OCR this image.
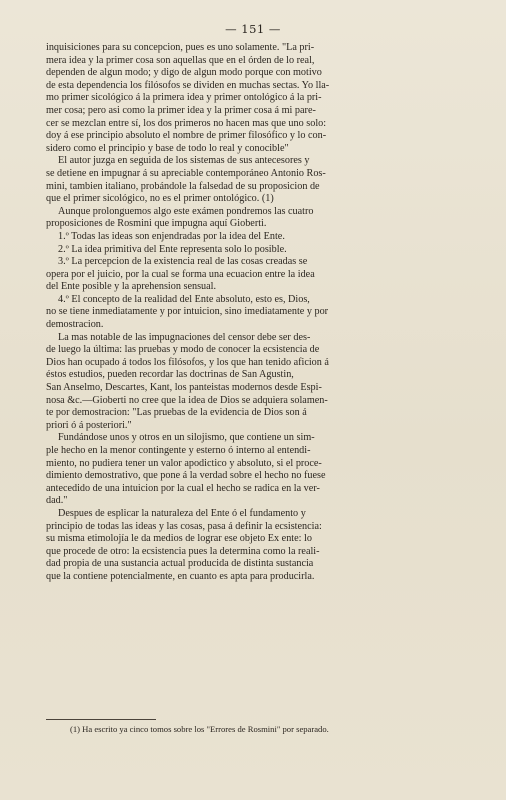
— 151 —
inquisiciones para su concepcion, pues es uno solamente. "La pri-
mera idea y la primer cosa son aquellas que en el órden de lo real,
dependen de algun modo; y digo de algun modo porque con motivo
de esta dependencia los filósofos se dividen en muchas sectas. Yo lla-
mo primer sicológico á la primera idea y primer ontológico á la pri-
mer cosa; pero asi como la primer idea y la primer cosa á mi pare-
cer se mezclan entre sí, los dos primeros no hacen mas que uno solo:
doy á ese principio absoluto el nombre de primer filosófico y lo con-
sidero como el principio y base de todo lo real y conocible"
El autor juzga en seguida de los sistemas de sus antecesores y
se detiene en impugnar á su apreciable contemporáneo Antonio Ros-
mini, tambien italiano, probándole la falsedad de su proposicion de
que el primer sicológico, no es el primer ontológico. (1)
Aunque prolonguemos algo este exámen pondremos las cuatro
proposiciones de Rosmini que impugna aquí Gioberti.
1.º Todas las ideas son enjendradas por la idea del Ente.
2.º La idea primitiva del Ente representa solo lo posible.
3.º La percepcion de la existencia real de las cosas creadas se
opera por el juicio, por la cual se forma una ecuacion entre la idea
del Ente posible y la aprehension sensual.
4.º El concepto de la realidad del Ente absoluto, esto es, Dios,
no se tiene inmediatamente y por intuicion, sino imediatamente y por
demostracion.
La mas notable de las impugnaciones del censor debe ser des-
de luego la última: las pruebas y modo de conocer la ecsistencia de
Dios han ocupado á todos los filósofos, y los que han tenido aficion á
éstos estudios, pueden recordar las doctrinas de San Agustin,
San Anselmo, Descartes, Kant, los panteistas modernos desde Espi-
nosa &c.—Gioberti no cree que la idea de Dios se adquiera solamen-
te por demostracion: "Las pruebas de la evidencia de Dios son á
priori ó á posteriori."
Fundándose unos y otros en un silojismo, que contiene un sim-
ple hecho en la menor contingente y esterno ó interno al entendi-
miento, no pudiera tener un valor apodictico y absoluto, si el proce-
dimiento demostrativo, que pone á la verdad sobre el hecho no fuese
antecedido de una intuicion por la cual el hecho se radica en la ver-
dad."
Despues de esplicar la naturaleza del Ente ó el fundamento y
principio de todas las ideas y las cosas, pasa á definir la ecsistencia:
su misma etimolojía le da medios de lograr ese objeto Ex ente: lo
que procede de otro: la ecsistencia pues la determina como la reali-
dad propia de una sustancia actual producida de distinta sustancia
que la contiene potencialmente, en cuanto es apta para producirla.
(1) Ha escrito ya cinco tomos sobre los "Errores de Rosmini" por separado.
